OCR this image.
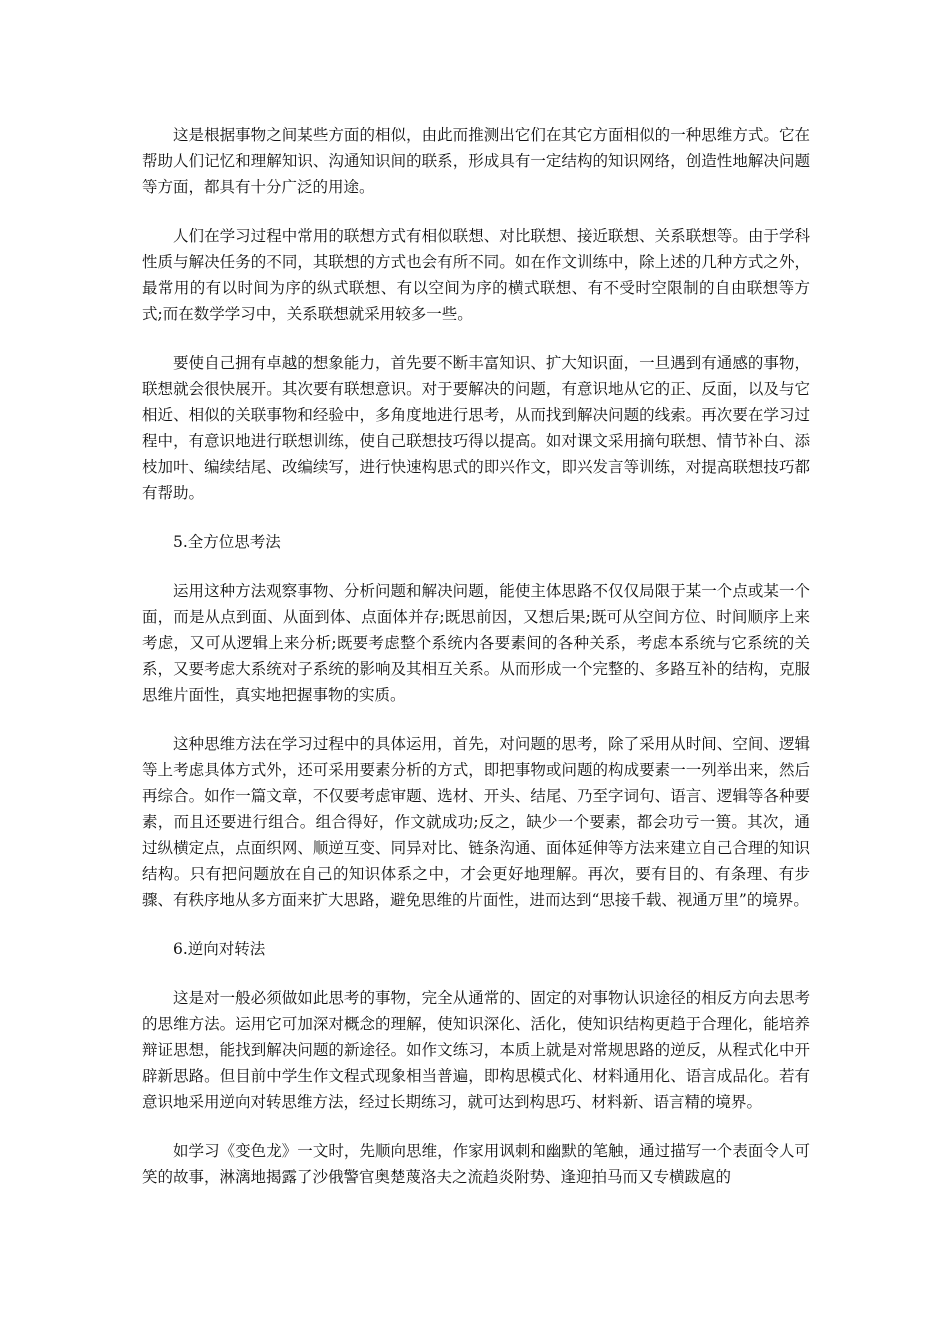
这是根据事物之间某些方面的相似，由此而推测出它们在其它方面相似的一种思维方式。它在帮助人们记忆和理解知识、沟通知识间的联系，形成具有一定结构的知识网络，创造性地解决问题等方面，都具有十分广泛的用途。

人们在学习过程中常用的联想方式有相似联想、对比联想、接近联想、关系联想等。由于学科性质与解决任务的不同，其联想的方式也会有所不同。如在作文训练中，除上述的几种方式之外，最常用的有以时间为序的纵式联想、有以空间为序的横式联想、有不受时空限制的自由联想等方式;而在数学学习中，关系联想就采用较多一些。

要使自己拥有卓越的想象能力，首先要不断丰富知识、扩大知识面，一旦遇到有通感的事物，联想就会很快展开。其次要有联想意识。对于要解决的问题，有意识地从它的正、反面，以及与它相近、相似的关联事物和经验中，多角度地进行思考，从而找到解决问题的线索。再次要在学习过程中，有意识地进行联想训练，使自己联想技巧得以提高。如对课文采用摘句联想、情节补白、添枝加叶、编续结尾、改编续写，进行快速构思式的即兴作文，即兴发言等训练，对提高联想技巧都有帮助。

5.全方位思考法

运用这种方法观察事物、分析问题和解决问题，能使主体思路不仅仅局限于某一个点或某一个面，而是从点到面、从面到体、点面体并存;既思前因，又想后果;既可从空间方位、时间顺序上来考虑，又可从逻辑上来分析;既要考虑整个系统内各要素间的各种关系，考虑本系统与它系统的关系，又要考虑大系统对子系统的影响及其相互关系。从而形成一个完整的、多路互补的结构，克服思维片面性，真实地把握事物的实质。

这种思维方法在学习过程中的具体运用，首先，对问题的思考，除了采用从时间、空间、逻辑等上考虑具体方式外，还可采用要素分析的方式，即把事物或问题的构成要素一一列举出来，然后再综合。如作一篇文章，不仅要考虑审题、选材、开头、结尾、乃至字词句、语言、逻辑等各种要素，而且还要进行组合。组合得好，作文就成功;反之，缺少一个要素，都会功亏一篑。其次，通过纵横定点，点面织网、顺逆互变、同异对比、链条沟通、面体延伸等方法来建立自己合理的知识结构。只有把问题放在自己的知识体系之中，才会更好地理解。再次，要有目的、有条理、有步骤、有秩序地从多方面来扩大思路，避免思维的片面性，进而达到“思接千载、视通万里”的境界。

6.逆向对转法

这是对一般必须做如此思考的事物，完全从通常的、固定的对事物认识途径的相反方向去思考的思维方法。运用它可加深对概念的理解，使知识深化、活化，使知识结构更趋于合理化，能培养辩证思想，能找到解决问题的新途径。如作文练习，本质上就是对常规思路的逆反，从程式化中开辟新思路。但目前中学生作文程式现象相当普遍，即构思模式化、材料通用化、语言成品化。若有意识地采用逆向对转思维方法，经过长期练习，就可达到构思巧、材料新、语言精的境界。

如学习《变色龙》一文时，先顺向思维，作家用讽刺和幽默的笔触，通过描写一个表面令人可笑的故事，淋漓地揭露了沙俄警官奥楚蔑洛夫之流趋炎附势、逢迎拍马而又专横跋扈的
